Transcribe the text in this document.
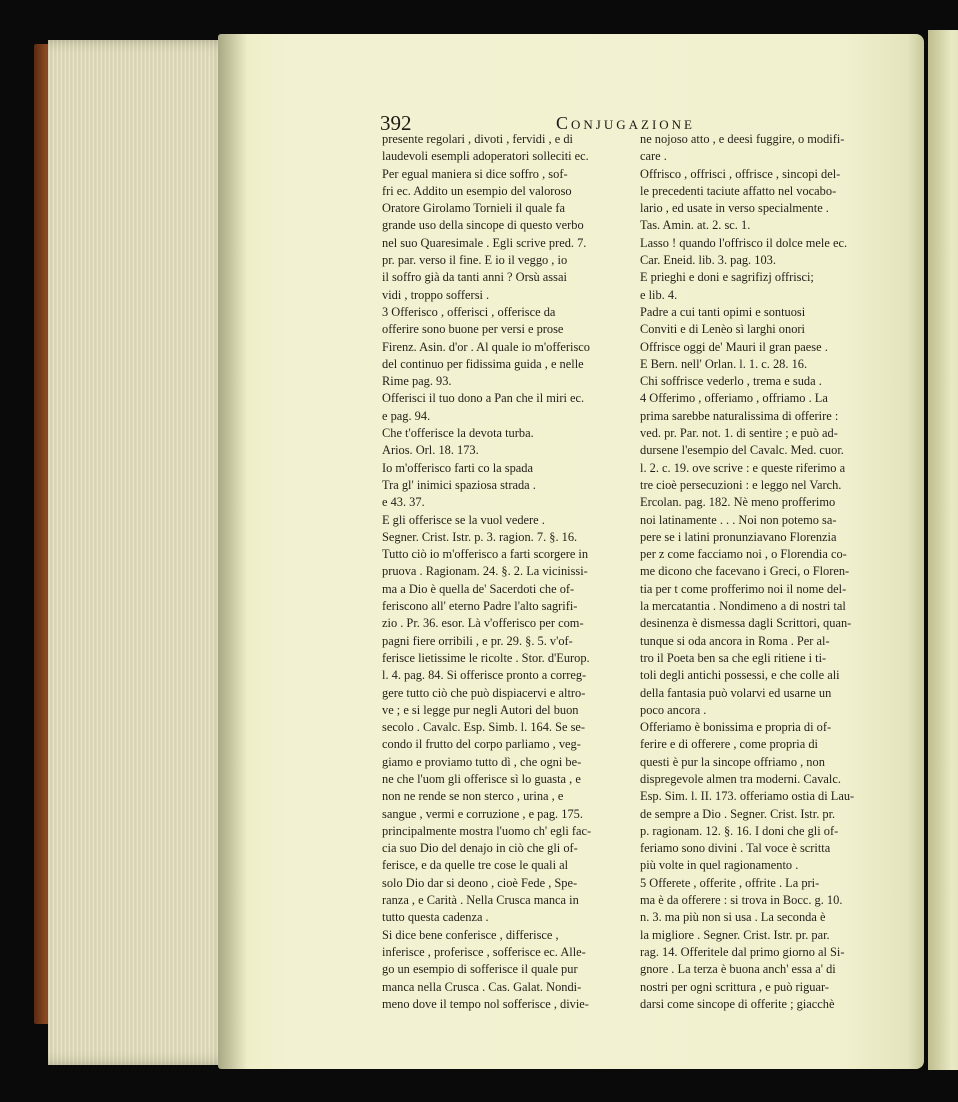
392	Conjugazione
presente regolari , divoti , fervidi , e di
laudevoli esempli adoperatori solleciti ec.
Per egual maniera si dice soffro , sof-
fri ec. Addito un esempio del valoroso
Oratore Girolamo Tornieli il quale fa
grande uso della sincope di questo verbo
nel suo Quaresimale . Egli scrive pred. 7.
pr. par. verso il fine. E io il veggo , io
il soffro già da tanti anni ? Orsù assai
vidi , troppo soffersi .
3 Offerisco , offerisci , offerisce da
offerire sono buone per versi e prose
Firenz. Asin. d'or . Al quale io m'offerisco
del continuo per fidissima guida , e nelle
Rime pag. 93.
Offerisci il tuo dono a Pan che il miri ec.
e pag. 94.
Che t'offerisce la devota turba.
Arios. Orl. 18. 173.
Io m'offerisco farti co la spada
Tra gl' inimici spaziosa strada .
e 43. 37.
E gli offerisce se la vuol vedere .
Segner. Crist. Istr. p. 3. ragion. 7. §. 16.
Tutto ciò io m'offerisco a farti scorgere in
pruova . Ragionam. 24. §. 2. La vicinissi-
ma a Dio è quella de' Sacerdoti che of-
feriscono all' eterno Padre l'alto sagrifi-
zio . Pr. 36. esor. Là v'offerisco per com-
pagni fiere orribili , e pr. 29. §. 5. v'of-
ferisce lietissime le ricolte . Stor. d'Europ.
l. 4. pag. 84. Si offerisce pronto a correg-
gere tutto ciò che può dispiacervi e altro-
ve ; e si legge pur negli Autori del buon
secolo . Cavalc. Esp. Simb. l. 164. Se se-
condo il frutto del corpo parliamo , veg-
giamo e proviamo tutto dì , che ogni be-
ne che l'uom gli offerisce sì lo guasta , e
non ne rende se non sterco , urina , e
sangue , vermi e corruzione , e pag. 175.
principalmente mostra l'uomo ch' egli fac-
cia suo Dio del denajo in ciò che gli of-
ferisce, e da quelle tre cose le quali al
solo Dio dar si deono , cioè Fede , Spe-
ranza , e Carità . Nella Crusca manca in
tutto questa cadenza .
Si dice bene conferisce , differisce ,
inferisce , proferisce , sofferisce ec. Alle-
go un esempio di sofferisce il quale pur
manca nella Crusca . Cas. Galat. Nondi-
meno dove il tempo nol sofferisce , divie-
ne nojoso atto , e deesi fuggire, o modifi-
care .
Offrisco , offrisci , offrisce , sincopi del-
le precedenti taciute affatto nel vocabo-
lario , ed usate in verso specialmente .
Tas. Amin. at. 2. sc. 1.
Lasso ! quando l'offrisco il dolce mele ec.
Car. Eneid. lib. 3. pag. 103.
E prieghi e doni e sagrifizj offrisci;
e lib. 4.
Padre a cui tanti opimi e sontuosi
Conviti e di Lenèo sì larghi onori
Offrisce oggi de' Mauri il gran paese .
E Bern. nell' Orlan. l. 1. c. 28. 16.
Chi soffrisce vederlo , trema e suda .
4 Offerimo , offeriamo , offriamo . La
prima sarebbe naturalissima di offerire :
ved. pr. Par. not. 1. di sentire ; e può ad-
dursene l'esempio del Cavalc. Med. cuor.
l. 2. c. 19. ove scrive : e queste riferimo a
tre cioè persecuzioni : e leggo nel Varch.
Ercolan. pag. 182. Nè meno profferimo
noi latinamente . . . Noi non potemo sa-
pere se i latini pronunziavano Florenzia
per z come facciamo noi , o Florendia co-
me dicono che facevano i Greci, o Floren-
tia per t come profferimo noi il nome del-
la mercatantia . Nondimeno a di nostri tal
desinenza è dismessa dagli Scrittori, quan-
tunque si oda ancora in Roma . Per al-
tro il Poeta ben sa che egli ritiene i ti-
toli degli antichi possessi, e che colle ali
della fantasia può volarvi ed usarne un
poco ancora .
Offeriamo è bonissima e propria di of-
ferire e di offerere , come propria di
questi è pur la sincope offriamo , non
dispregevole almen tra moderni. Cavalc.
Esp. Sim. l. II. 173. offeriamo ostia di Lau-
de sempre a Dio . Segner. Crist. Istr. pr.
p. ragionam. 12. §. 16. I doni che gli of-
feriamo sono divini . Tal voce è scritta
più volte in quel ragionamento .
5 Offerete , offerite , offrite . La pri-
ma è da offerere : si trova in Bocc. g. 10.
n. 3. ma più non si usa . La seconda è
la migliore . Segner. Crist. Istr. pr. par.
rag. 14. Offeritele dal primo giorno al Si-
gnore . La terza è buona anch' essa a' di
nostri per ogni scrittura , e può riguar-
darsi come sincope di offerite ; giacchè
